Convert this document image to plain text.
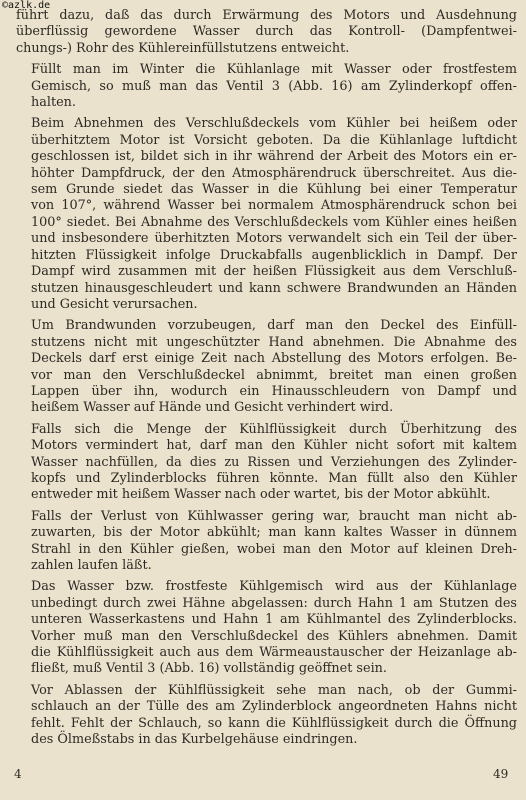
©azlk.de
führt dazu, daß das durch Erwärmung des Motors und Ausdehnung
überflüssig gewordene Wasser durch das Kontroll- (Dampfentwei-
chungs-) Rohr des Kühlereinfüllstutzens entweicht.
Füllt man im Winter die Kühlanlage mit Wasser oder frostfestem
Gemisch, so muß man das Ventil 3 (Abb. 16) am Zylinderkopf offen-
halten.
Beim Abnehmen des Verschlußdeckels vom Kühler bei heißem oder
überhitztem Motor ist Vorsicht geboten. Da die Kühlanlage luftdicht
geschlossen ist, bildet sich in ihr während der Arbeit des Motors ein er-
höhter Dampfdruck, der den Atmosphärendruck überschreitet. Aus die-
sem Grunde siedet das Wasser in die Kühlung bei einer Temperatur
von 107°, während Wasser bei normalem Atmosphärendruck schon bei
100° siedet. Bei Abnahme des Verschlußdeckels vom Kühler eines heißen
und insbesondere überhitzten Motors verwandelt sich ein Teil der über-
hitzten Flüssigkeit infolge Druckabfalls augenblicklich in Dampf. Der
Dampf wird zusammen mit der heißen Flüssigkeit aus dem Verschluß-
stutzen hinausgeschleudert und kann schwere Brandwunden an Händen
und Gesicht verursachen.
Um Brandwunden vorzubeugen, darf man den Deckel des Einfüll-
stutzens nicht mit ungeschützter Hand abnehmen. Die Abnahme des
Deckels darf erst einige Zeit nach Abstellung des Motors erfolgen. Be-
vor man den Verschlußdeckel abnimmt, breitet man einen großen
Lappen über ihn, wodurch ein Hinausschleudern von Dampf und
heißem Wasser auf Hände und Gesicht verhindert wird.
Falls sich die Menge der Kühlflüssigkeit durch Überhitzung des
Motors vermindert hat, darf man den Kühler nicht sofort mit kaltem
Wasser nachfüllen, da dies zu Rissen und Verziehungen des Zylinder-
kopfs und Zylinderblocks führen könnte. Man füllt also den Kühler
entweder mit heißem Wasser nach oder wartet, bis der Motor abkühlt.
Falls der Verlust von Kühlwasser gering war, braucht man nicht ab-
zuwarten, bis der Motor abkühlt; man kann kaltes Wasser in dünnem
Strahl in den Kühler gießen, wobei man den Motor auf kleinen Dreh-
zahlen laufen läßt.
Das Wasser bzw. frostfeste Kühlgemisch wird aus der Kühlanlage
unbedingt durch zwei Hähne abgelassen: durch Hahn 1 am Stutzen des
unteren Wasserkastens und Hahn 1 am Kühlmantel des Zylinderblocks.
Vorher muß man den Verschlußdeckel des Kühlers abnehmen. Damit
die Kühlflüssigkeit auch aus dem Wärmeaustauscher der Heizanlage ab-
fließt, muß Ventil 3 (Abb. 16) vollständig geöffnet sein.
Vor Ablassen der Kühlflüssigkeit sehe man nach, ob der Gummi-
schlauch an der Tülle des am Zylinderblock angeordneten Hahns nicht
fehlt. Fehlt der Schlauch, so kann die Kühlflüssigkeit durch die Öffnung
des Ölmeßstabs in das Kurbelgehäuse eindringen.
4	49
